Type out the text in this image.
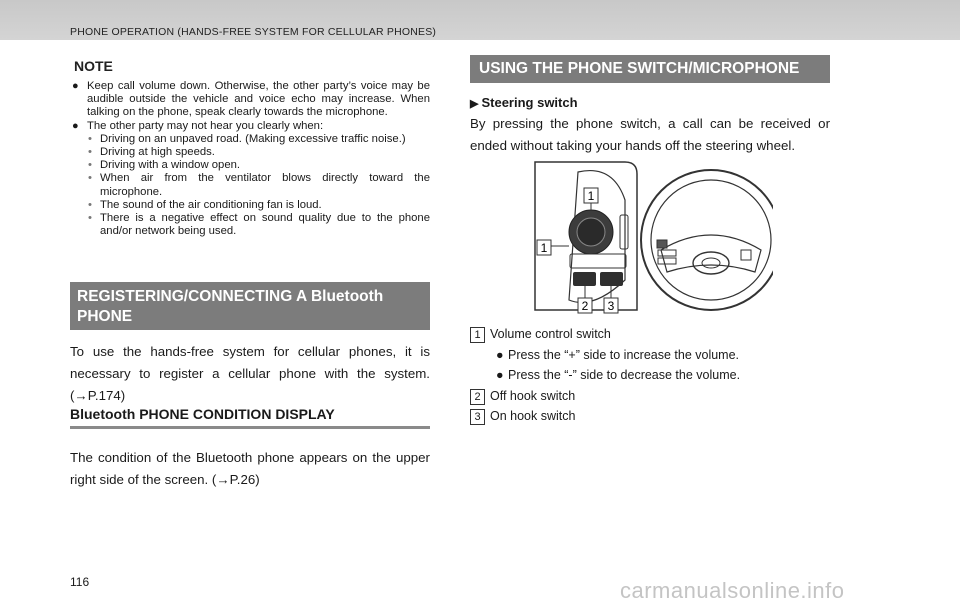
PHONE OPERATION (HANDS-FREE SYSTEM FOR CELLULAR PHONES)
NOTE
● Keep call volume down. Otherwise, the other party’s voice may be audible outside the vehicle and voice echo may increase. When talking on the phone, speak clearly towards the microphone.
● The other party may not hear you clearly when:
• Driving on an unpaved road. (Making excessive traffic noise.)
• Driving at high speeds.
• Driving with a window open.
• When air from the ventilator blows directly toward the microphone.
• The sound of the air conditioning fan is loud.
• There is a negative effect on sound quality due to the phone and/or network being used.
REGISTERING/CONNECTING A Bluetooth PHONE
To use the hands-free system for cellular phones, it is necessary to register a cellular phone with the system. (→P.174)
Bluetooth PHONE CONDITION DISPLAY
The condition of the Bluetooth phone appears on the upper right side of the screen. (→P.26)
116
USING THE PHONE SWITCH/MICROPHONE
▶ Steering switch
By pressing the phone switch, a call can be received or ended without taking your hands off the steering wheel.
1
1
2 3
1 Volume control switch
● Press the “+” side to increase the volume.
● Press the “-” side to decrease the volume.
2 Off hook switch
3 On hook switch
carmanualsonline.info
